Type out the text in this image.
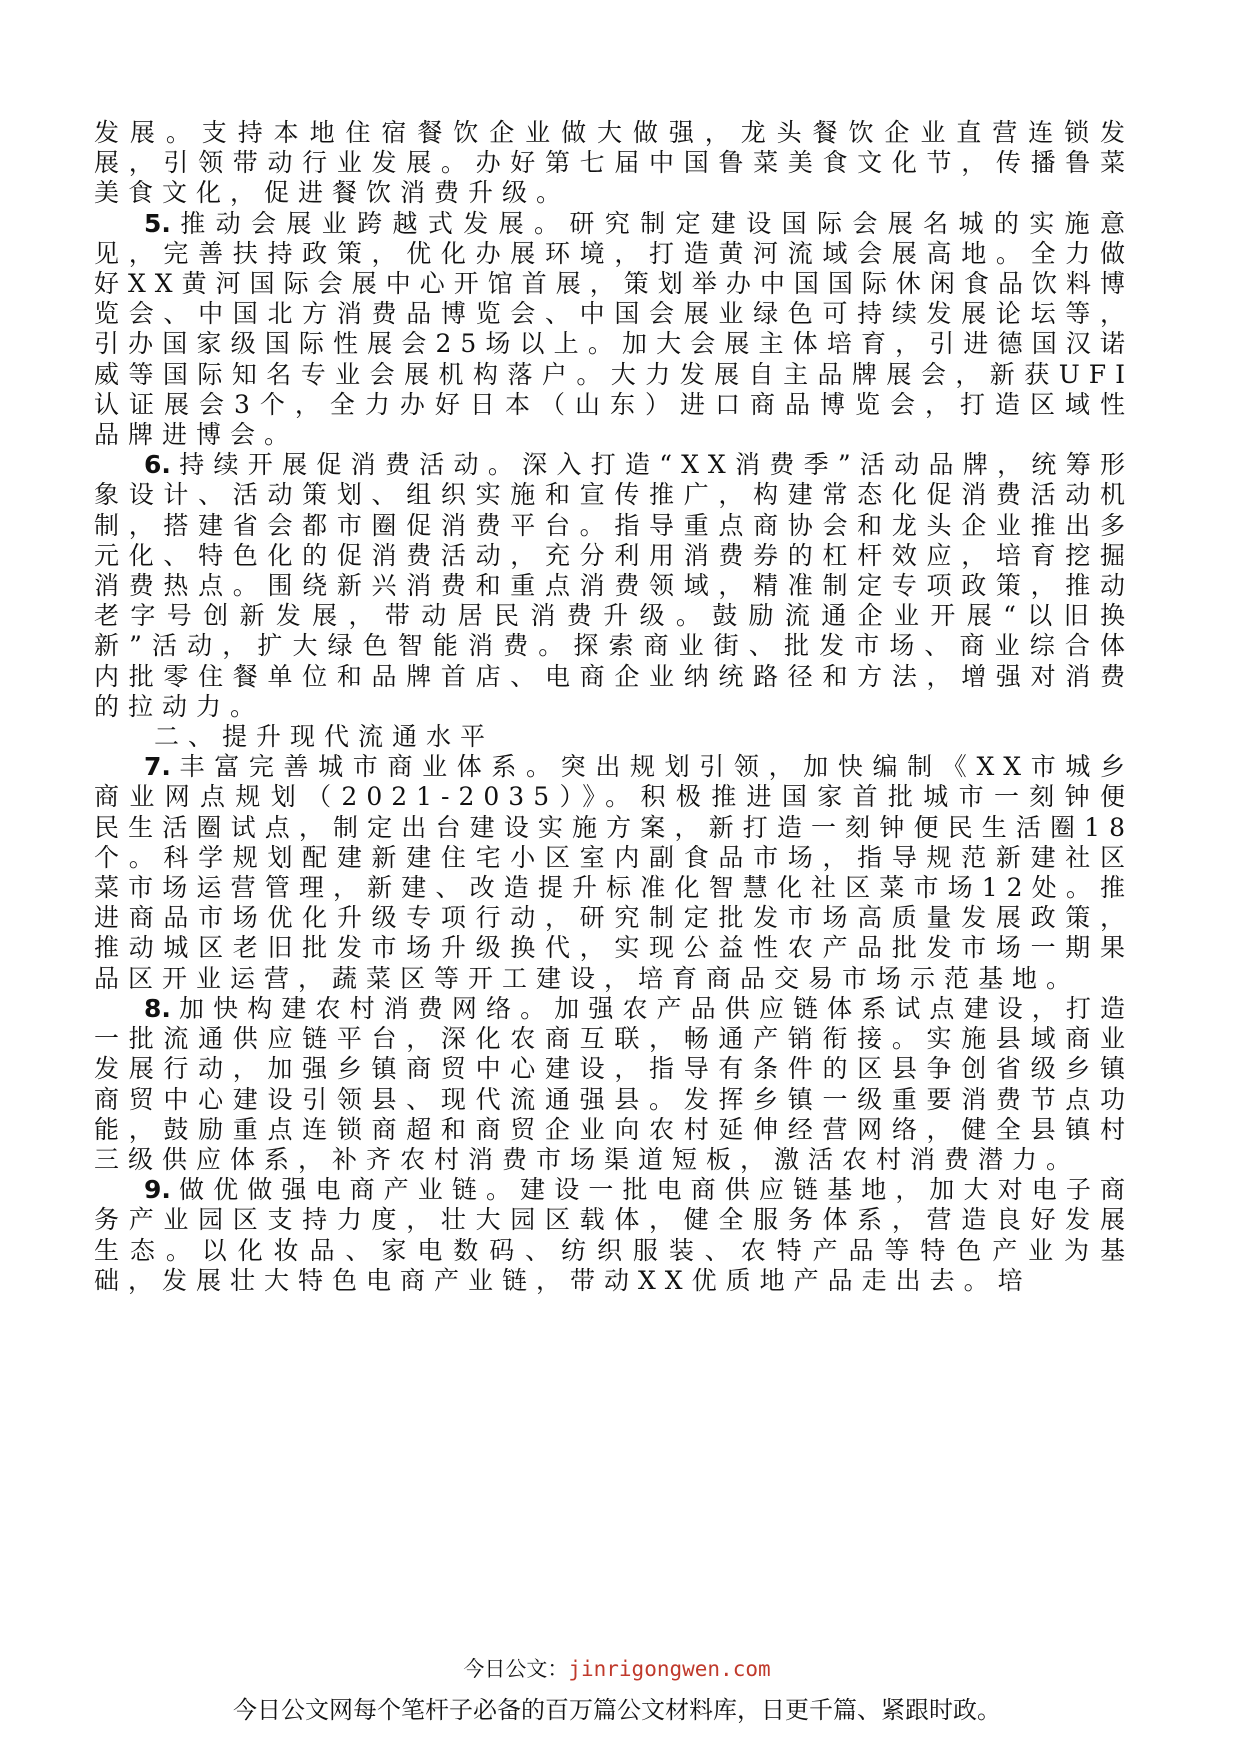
发展。支持本地住宿餐饮企业做大做强，龙头餐饮企业直营连锁发展，引领带动行业发展。办好第七届中国鲁菜美食文化节，传播鲁菜美食文化，促进餐饮消费升级。

5. 推动会展业跨越式发展。研究制定建设国际会展名城的实施意见，完善扶持政策，优化办展环境，打造黄河流域会展高地。全力做好XX黄河国际会展中心开馆首展，策划举办中国国际休闲食品饮料博览会、中国北方消费品博览会、中国会展业绿色可持续发展论坛等，引办国家级国际性展会25场以上。加大会展主体培育，引进德国汉诺威等国际知名专业会展机构落户。大力发展自主品牌展会，新获UFI认证展会3个，全力办好日本（山东）进口商品博览会，打造区域性品牌进博会。

6. 持续开展促消费活动。深入打造“XX消费季”活动品牌，统筹形象设计、活动策划、组织实施和宣传推广，构建常态化促消费活动机制，搭建省会都市圈促消费平台。指导重点商协会和龙头企业推出多元化、特色化的促消费活动，充分利用消费券的杠杆效应，培育挖掘消费热点。围绕新兴消费和重点消费领域，精准制定专项政策，推动老字号创新发展，带动居民消费升级。鼓励流通企业开展“以旧换新”活动，扩大绿色智能消费。探索商业街、批发市场、商业综合体内批零住餐单位和品牌首店、电商企业纳统路径和方法，增强对消费的拉动力。

二、提升现代流通水平

7. 丰富完善城市商业体系。突出规划引领，加快编制《XX市城乡商业网点规划（2021-2035）》。积极推进国家首批城市一刻钟便民生活圈试点，制定出台建设实施方案，新打造一刻钟便民生活圈18个。科学规划配建新建住宅小区室内副食品市场，指导规范新建社区菜市场运营管理，新建、改造提升标准化智慧化社区菜市场12处。推进商品市场优化升级专项行动，研究制定批发市场高质量发展政策，推动城区老旧批发市场升级换代，实现公益性农产品批发市场一期果品区开业运营，蔬菜区等开工建设，培育商品交易市场示范基地。

8. 加快构建农村消费网络。加强农产品供应链体系试点建设，打造一批流通供应链平台，深化农商互联，畅通产销衔接。实施县域商业发展行动，加强乡镇商贸中心建设，指导有条件的区县争创省级乡镇商贸中心建设引领县、现代流通强县。发挥乡镇一级重要消费节点功能，鼓励重点连锁商超和商贸企业向农村延伸经营网络，健全县镇村三级供应体系，补齐农村消费市场渠道短板，激活农村消费潜力。

9. 做优做强电商产业链。建设一批电商供应链基地，加大对电子商务产业园区支持力度，壮大园区载体，健全服务体系，营造良好发展生态。以化妆品、家电数码、纺织服装、农特产品等特色产业为基础，发展壮大特色电商产业链，带动XX优质地产品走出去。培

今日公文：jinrigongwen.com
今日公文网每个笔杆子必备的百万篇公文材料库，日更千篇、紧跟时政。
